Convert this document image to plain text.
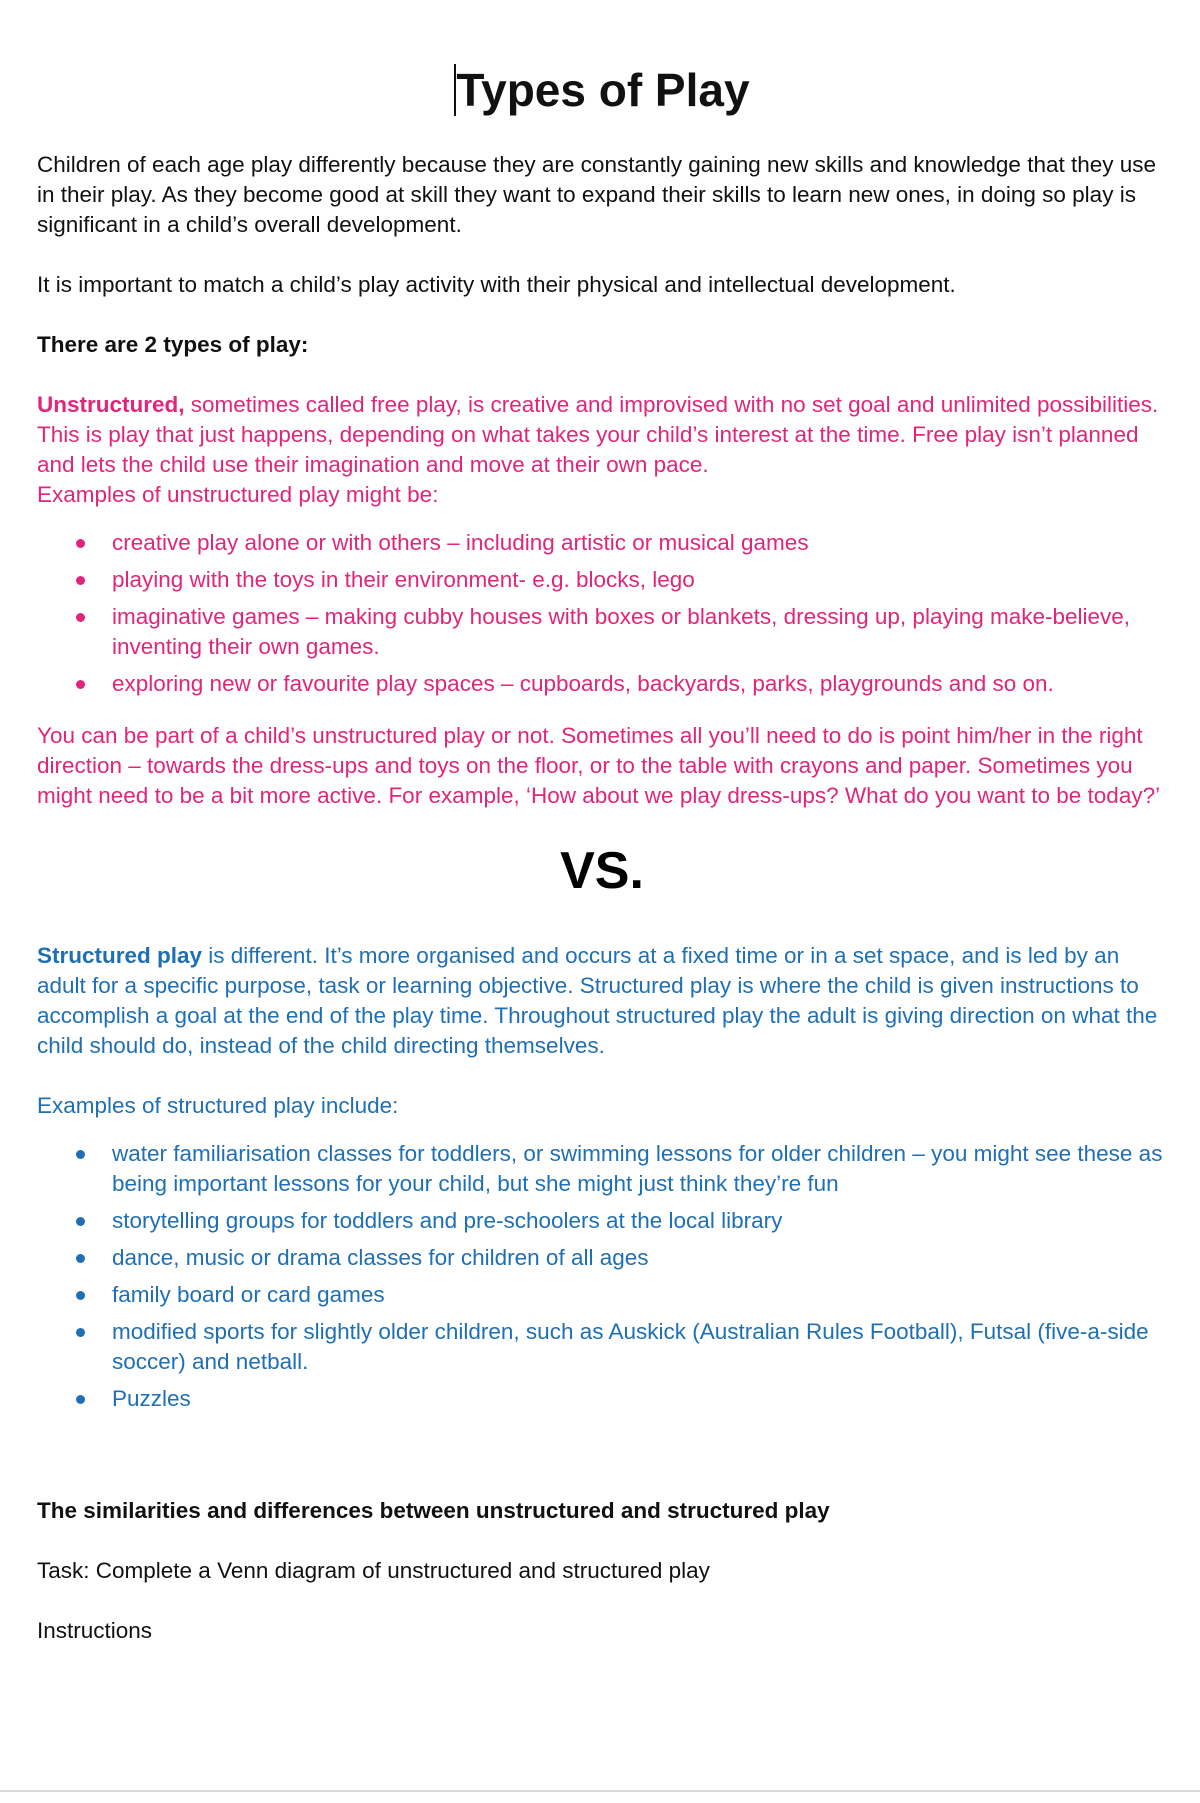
Types of Play

Children of each age play differently because they are constantly gaining new skills and knowledge that they use in their play. As they become good at skill they want to expand their skills to learn new ones, in doing so play is significant in a child’s overall development.

It is important to match a child’s play activity with their physical and intellectual development.

There are 2 types of play:

Unstructured, sometimes called free play, is creative and improvised with no set goal and unlimited possibilities. This is play that just happens, depending on what takes your child’s interest at the time. Free play isn’t planned and lets the child use their imagination and move at their own pace.

Examples of unstructured play might be:

creative play alone or with others – including artistic or musical games
playing with the toys in their environment- e.g. blocks, lego
imaginative games – making cubby houses with boxes or blankets, dressing up, playing make-believe, inventing their own games.
exploring new or favourite play spaces – cupboards, backyards, parks, playgrounds and so on.

You can be part of a child’s unstructured play or not. Sometimes all you’ll need to do is point him/her in the right direction – towards the dress-ups and toys on the floor, or to the table with crayons and paper. Sometimes you might need to be a bit more active. For example, ‘How about we play dress-ups? What do you want to be today?’

VS.

Structured play is different. It’s more organised and occurs at a fixed time or in a set space, and is led by an adult for a specific purpose, task or learning objective. Structured play is where the child is given instructions to accomplish a goal at the end of the play time. Throughout structured play the adult is giving direction on what the child should do, instead of the child directing themselves.

Examples of structured play include:

water familiarisation classes for toddlers, or swimming lessons for older children – you might see these as being important lessons for your child, but she might just think they’re fun
storytelling groups for toddlers and pre-schoolers at the local library
dance, music or drama classes for children of all ages
family board or card games
modified sports for slightly older children, such as Auskick (Australian Rules Football), Futsal (five-a-side soccer) and netball.
Puzzles

The similarities and differences between unstructured and structured play

Task: Complete a Venn diagram of unstructured and structured play

Instructions
